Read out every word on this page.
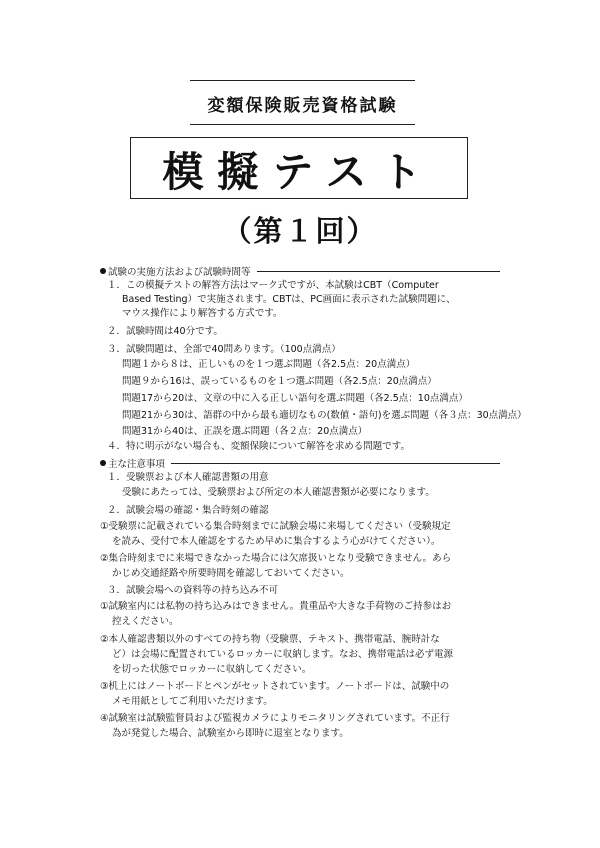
変額保険販売資格試験
模擬テスト
（第１回）
試験の実施方法および試験時間等
１．この模擬テストの解答方法はマーク式ですが、本試験はCBT（Computer
Based Testing）で実施されます。CBTは、PC画面に表示された試験問題に、
マウス操作により解答する方式です。
２．試験時間は40分です。
３．試験問題は、全部で40問あります。（100点満点）
問題１から８は、正しいものを１つ選ぶ問題（各2.5点：20点満点）
問題９から16は、誤っているものを１つ選ぶ問題（各2.5点：20点満点）
問題17から20は、文章の中に入る正しい語句を選ぶ問題（各2.5点：10点満点）
問題21から30は、語群の中から最も適切なもの(数値・語句)を選ぶ問題（各３点：30点満点）
問題31から40は、正誤を選ぶ問題（各２点：20点満点）
４．特に明示がない場合も、変額保険について解答を求める問題です。
主な注意事項
１．受験票および本人確認書類の用意
受験にあたっては、受験票および所定の本人確認書類が必要になります。
２．試験会場の確認・集合時刻の確認
①受験票に記載されている集合時刻までに試験会場に来場してください（受験規定
を読み、受付で本人確認をするため早めに集合するよう心がけてください）。
②集合時刻までに来場できなかった場合には欠席扱いとなり受験できません。あら
かじめ交通経路や所要時間を確認しておいてください。
３．試験会場への資料等の持ち込み不可
①試験室内には私物の持ち込みはできません。貴重品や大きな手荷物のご持参はお
控えください。
②本人確認書類以外のすべての持ち物（受験票、テキスト、携帯電話、腕時計な
ど）は会場に配置されているロッカーに収納します。なお、携帯電話は必ず電源
を切った状態でロッカーに収納してください。
③机上にはノートボードとペンがセットされています。ノートボードは、試験中の
メモ用紙としてご利用いただけます。
④試験室は試験監督員および監視カメラによりモニタリングされています。不正行
為が発覚した場合、試験室から即時に退室となります。
